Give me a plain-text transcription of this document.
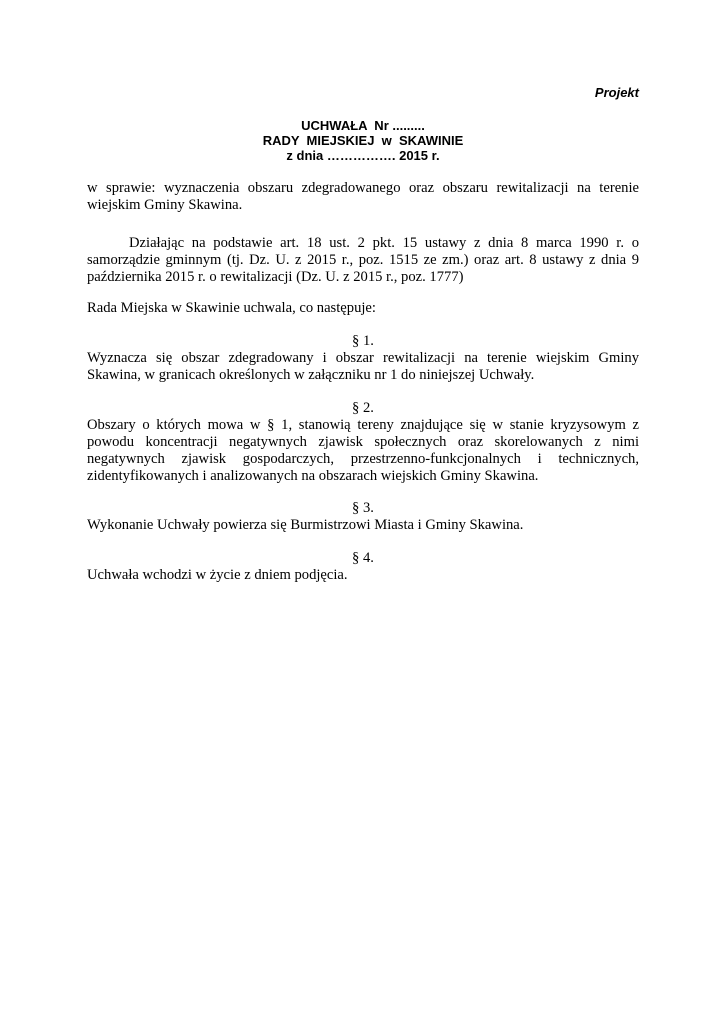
Projekt
UCHWAŁA  Nr .........
RADY  MIEJSKIEJ  w  SKAWINIE
z dnia ……………. 2015 r.
w sprawie: wyznaczenia obszaru zdegradowanego oraz obszaru rewitalizacji na terenie wiejskim Gminy Skawina.
Działając na podstawie art. 18 ust. 2 pkt. 15 ustawy z dnia 8 marca 1990 r. o samorządzie gminnym (tj. Dz. U. z 2015 r., poz. 1515 ze zm.) oraz art. 8 ustawy z dnia 9 października 2015 r. o rewitalizacji (Dz. U. z 2015 r., poz. 1777)
Rada Miejska w Skawinie uchwala, co następuje:
§ 1.
Wyznacza się obszar zdegradowany i obszar rewitalizacji na terenie wiejskim Gminy Skawina, w granicach określonych w załączniku nr 1 do niniejszej Uchwały.
§ 2.
Obszary o których mowa w § 1, stanowią tereny znajdujące się w stanie kryzysowym z powodu koncentracji negatywnych zjawisk społecznych oraz skorelowanych z nimi negatywnych zjawisk gospodarczych, przestrzenno-funkcjonalnych i technicznych, zidentyfikowanych i analizowanych na obszarach wiejskich Gminy Skawina.
§ 3.
Wykonanie Uchwały powierza się Burmistrzowi Miasta i Gminy Skawina.
§ 4.
Uchwała wchodzi w życie z dniem podjęcia.
